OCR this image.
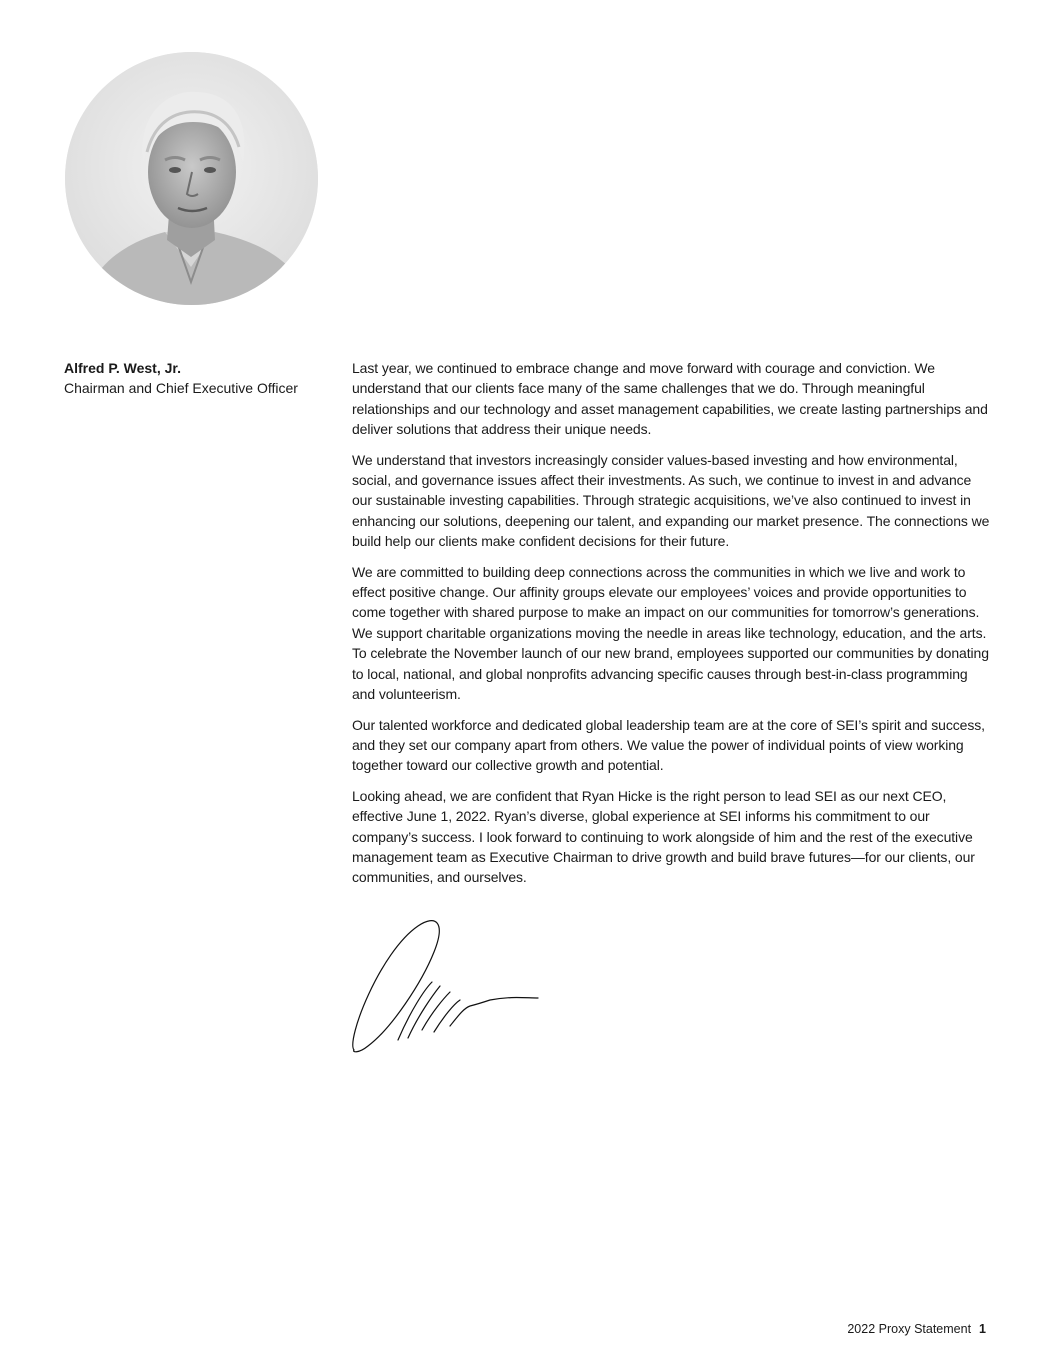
Alfred P. West, Jr.

Chairman and Chief Executive Officer

Last year, we continued to embrace change and move forward with courage and conviction. We understand that our clients face many of the same challenges that we do. Through meaningful relationships and our technology and asset management capabilities, we create lasting partnerships and deliver solutions that address their unique needs.

We understand that investors increasingly consider values-based investing and how environmental, social, and governance issues affect their investments. As such, we continue to invest in and advance our sustainable investing capabilities. Through strategic acquisitions, we’ve also continued to invest in enhancing our solutions, deepening our talent, and expanding our market presence. The connections we build help our clients make confident decisions for their future.

We are committed to building deep connections across the communities in which we live and work to effect positive change. Our affinity groups elevate our employees’ voices and provide opportunities to come together with shared purpose to make an impact on our communities for tomorrow’s generations. We support charitable organizations moving the needle in areas like technology, education, and the arts. To celebrate the November launch of our new brand, employees supported our communities by donating to local, national, and global nonprofits advancing specific causes through best-in-class programming and volunteerism.

Our talented workforce and dedicated global leadership team are at the core of SEI’s spirit and success, and they set our company apart from others. We value the power of individual points of view working together toward our collective growth and potential.

Looking ahead, we are confident that Ryan Hicke is the right person to lead SEI as our next CEO, effective June 1, 2022. Ryan’s diverse, global experience at SEI informs his commitment to our company’s success. I look forward to continuing to work alongside of him and the rest of the executive management team as Executive Chairman to drive growth and build brave futures—for our clients, our communities, and ourselves.

2022 Proxy Statement 1
